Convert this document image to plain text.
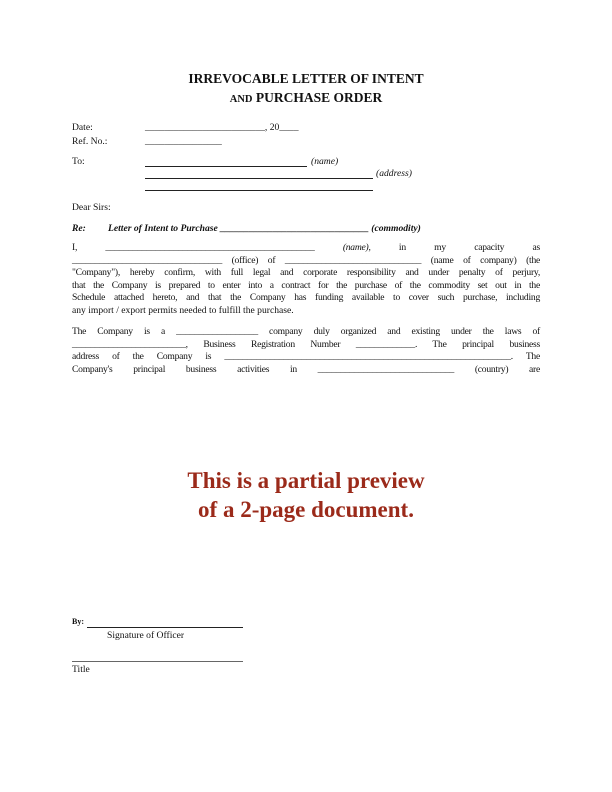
IRREVOCABLE LETTER OF INTENT
AND PURCHASE ORDER
Date:	_________________________, 20____
Ref. No.:	________________
To:	(name)
(address)
Dear Sirs:
Re: Letter of Intent to Purchase _______________________________ (commodity)
I,	______________________________________________	(name),	in	my	capacity	as
_________________________________ (office) of ______________________________ (name of company) (the
"Company"), hereby confirm, with full legal and corporate responsibility and under penalty of perjury,
that the Company is prepared to enter into a contract for the purchase of the commodity set out in the
Schedule attached hereto, and that the Company has funding available to cover such purchase, including
any import / export permits needed to fulfill the purchase.
The Company is a __________________ company duly organized and existing under the laws of
_________________________, Business Registration Number _____________. The principal business
address of the Company is _______________________________________________________________. The
Company's principal business activities in ______________________________ (country) are
This is a partial preview
of a 2-page document.
By:
Signature of Officer
Title
